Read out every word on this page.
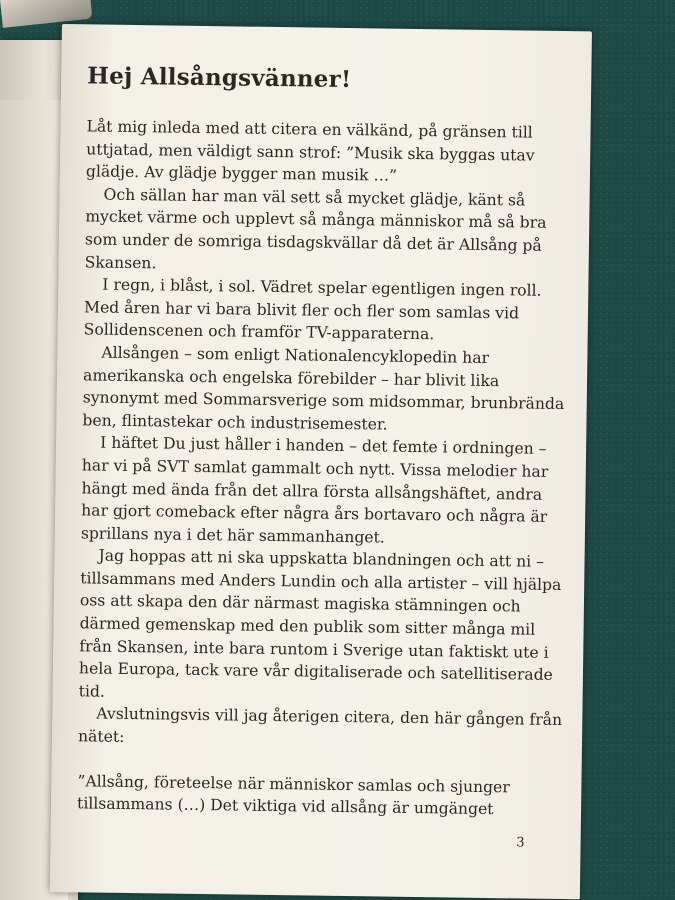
Hej Allsångsvänner!

Låt mig inleda med att citera en välkänd, på gränsen till uttjatad, men väldigt sann strof: ”Musik ska byggas utav glädje. Av glädje bygger man musik …”

Och sällan har man väl sett så mycket glädje, känt så mycket värme och upplevt så många människor må så bra som under de somriga tisdagskvällar då det är Allsång på Skansen.

I regn, i blåst, i sol. Vädret spelar egentligen ingen roll. Med åren har vi bara blivit fler och fler som samlas vid Sollidenscenen och framför TV-apparaterna.

Allsången – som enligt Nationalencyklopedin har amerikanska och engelska förebilder – har blivit lika synonymt med Sommarsverige som midsommar, brunbrända ben, flintastekar och industrisemester.

I häftet Du just håller i handen – det femte i ordningen – har vi på SVT samlat gammalt och nytt. Vissa melodier har hängt med ända från det allra första allsångshäftet, andra har gjort comeback efter några års bortavaro och några är sprillans nya i det här sammanhanget.

Jag hoppas att ni ska uppskatta blandningen och att ni – tillsammans med Anders Lundin och alla artister – vill hjälpa oss att skapa den där närmast magiska stämningen och därmed gemenskap med den publik som sitter många mil från Skansen, inte bara runtom i Sverige utan faktiskt ute i hela Europa, tack vare vår digitaliserade och satellitiserade tid.

Avslutningsvis vill jag återigen citera, den här gången från nätet:

”Allsång, företeelse när människor samlas och sjunger tillsammans (…) Det viktiga vid allsång är umgänget

3
